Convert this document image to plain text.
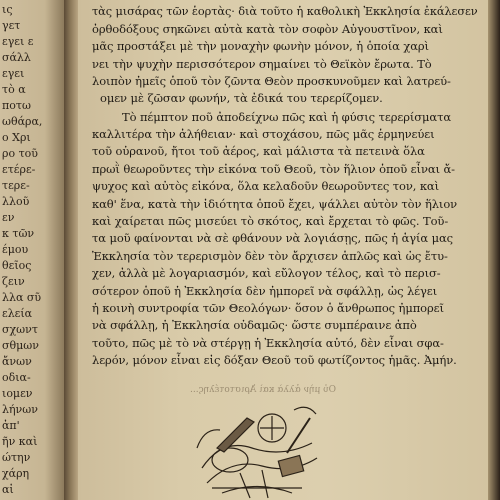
ις
γετ
εγει ε
σάλλ
εγει
τὸ α
ποτω
ωθάρα,
ο Χρι
ρο τοῦ
ετέρε-
τερε-
λλοῦ
εν
κ τῶν
έμου
θεῖος
ζειν
λλα σῦ
ελεία
σχωντ
σθμων
ἄνων
οδια-
ιομεν
λήνων
ἀπ'
ῆν καὶ
ώτην
χάρη
αἱ
τὰς μισάρας τῶν ἑορτὰς· διὰ τοῦτο ἡ καθολικὴ Ἐκκλησία ἐκάλεσεν
ὀρθοδόξους σηκῶνει αὐτὰ κατὰ τὸν σοφὸν Αὐγουστῖνον, καὶ
μᾶς προστάξει μὲ τὴν μοναχὴν φωνὴν μόνον, ἡ ὁποία χαρὶ
νει τὴν ψυχὴν περισσότερον σημαίνει τὸ Θεϊκὸν ἔρωτα. Τὸ
λοιπὸν ἠμεῖς ὁποῦ τὸν ζῶντα Θεὸν προσκυνοῦμεν καὶ λατρεύ-
ομεν μὲ ζῶσαν φωνήν, τὰ ἐδικά του τερερίζομεν.
Τὸ πέμπτον ποῦ ἀποδείχνω πῶς καὶ ἡ φύσις τερερίσματα
καλλιτέρα τὴν ἀλήθειαν· καὶ στοχάσου, πῶς μᾶς ἑρμηνεύει
τοῦ οὐρανοῦ, ἤτοι τοῦ ἀέρος, καὶ μάλιστα τὰ πετεινὰ ὅλα
πρωῒ θεωροῦντες τὴν εἰκόνα τοῦ Θεοῦ, τὸν ἥλιον ὁποῦ εἶναι ἄ-
ψυχος καὶ αὐτὸς εἰκόνα, ὅλα κελαδοῦν θεωροῦντες τον, καὶ
καθ' ἕνα, κατὰ τὴν ἰδιότητα ὁποῦ ἔχει, ψάλλει αὐτὸν τὸν ἥλιον
καὶ χαίρεται πῶς μισεύει τὸ σκότος, καὶ ἔρχεται τὸ φῶς. Τοῦ-
τα μοῦ φαίνονται νὰ σὲ φθάνουν νὰ λογιάσῃς, πῶς ἡ ἁγία μας
Ἐκκλησία τὸν τερερισμὸν δὲν τὸν ἄρχισεν ἁπλῶς καὶ ὡς ἔτυ-
χεν, ἀλλὰ μὲ λογαριασμόν, καὶ εὔλογον τέλος, καὶ τὸ περισ-
σότερον ὁποῦ ἡ Ἐκκλησία δὲν ἠμπορεῖ νὰ σφάλλῃ, ὡς λέγει
ἡ κοινὴ συντροφία τῶν Θεολόγων· ὅσον ὁ ἄνθρωπος ἠμπορεῖ
νὰ σφάλλῃ, ἡ Ἐκκλησία οὐδαμῶς· ὥστε συμπέραινε ἀπὸ
τοῦτο, πῶς μὲ τὸ νὰ στέργῃ ἡ Ἐκκλησία αὐτό, δὲν εἶναι σφα-
λερόν, μόνον εἶναι εἰς δόξαν Θεοῦ τοῦ φωτίζοντος ἡμᾶς. Ἀμήν.
Οὐ μὴν ἀλλὰ καὶ Ἀριστοτέλης...
